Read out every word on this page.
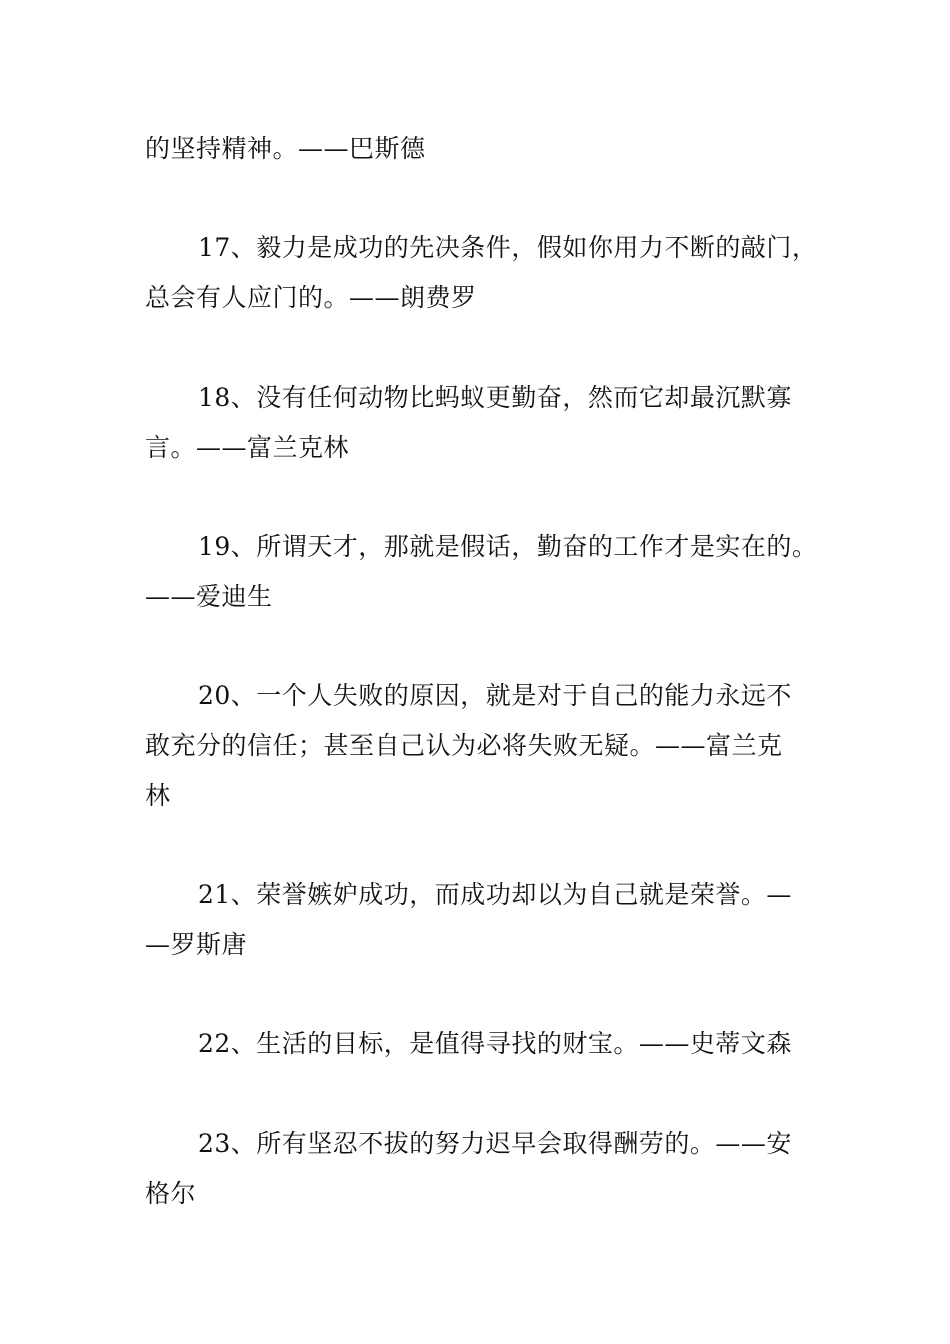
的坚持精神。——巴斯德
17、毅力是成功的先决条件，假如你用力不断的敲门，
总会有人应门的。——朗费罗
18、没有任何动物比蚂蚁更勤奋，然而它却最沉默寡
言。——富兰克林
19、所谓天才，那就是假话，勤奋的工作才是实在的。
——爱迪生
20、一个人失败的原因，就是对于自己的能力永远不
敢充分的信任；甚至自己认为必将失败无疑。——富兰克
林
21、荣誉嫉妒成功，而成功却以为自己就是荣誉。—
—罗斯唐
22、生活的目标，是值得寻找的财宝。——史蒂文森
23、所有坚忍不拔的努力迟早会取得酬劳的。——安
格尔
